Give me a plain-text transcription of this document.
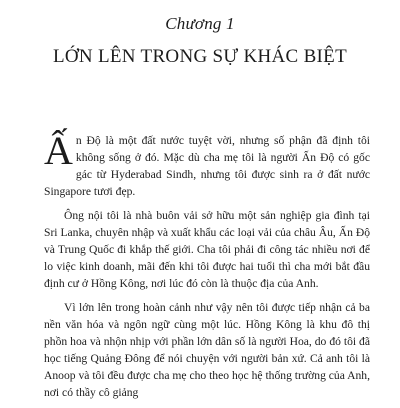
Chương 1
LỚN LÊN TRONG SỰ KHÁC BIỆT

Ấn Độ là một đất nước tuyệt vời, nhưng số phận đã định tôi không sống ở đó. Mặc dù cha mẹ tôi là người Ấn Độ có gốc gác từ Hyderabad Sindh, nhưng tôi được sinh ra ở đất nước Singapore tươi đẹp.

Ông nội tôi là nhà buôn vải sở hữu một sản nghiệp gia đình tại Sri Lanka, chuyên nhập và xuất khẩu các loại vải của châu Âu, Ấn Độ và Trung Quốc đi khắp thế giới. Cha tôi phải đi công tác nhiều nơi để lo việc kinh doanh, mãi đến khi tôi được hai tuổi thì cha mới bắt đầu định cư ở Hồng Kông, nơi lúc đó còn là thuộc địa của Anh.

Vì lớn lên trong hoàn cảnh như vậy nên tôi được tiếp nhận cả ba nền văn hóa và ngôn ngữ cùng một lúc. Hồng Kông là khu đô thị phồn hoa và nhộn nhịp với phần lớn dân số là người Hoa, do đó tôi đã học tiếng Quảng Đông để nói chuyện với người bản xứ. Cả anh tôi là Anoop và tôi đều được cha mẹ cho theo học hệ thống trường của Anh, nơi có thầy cô giảng
